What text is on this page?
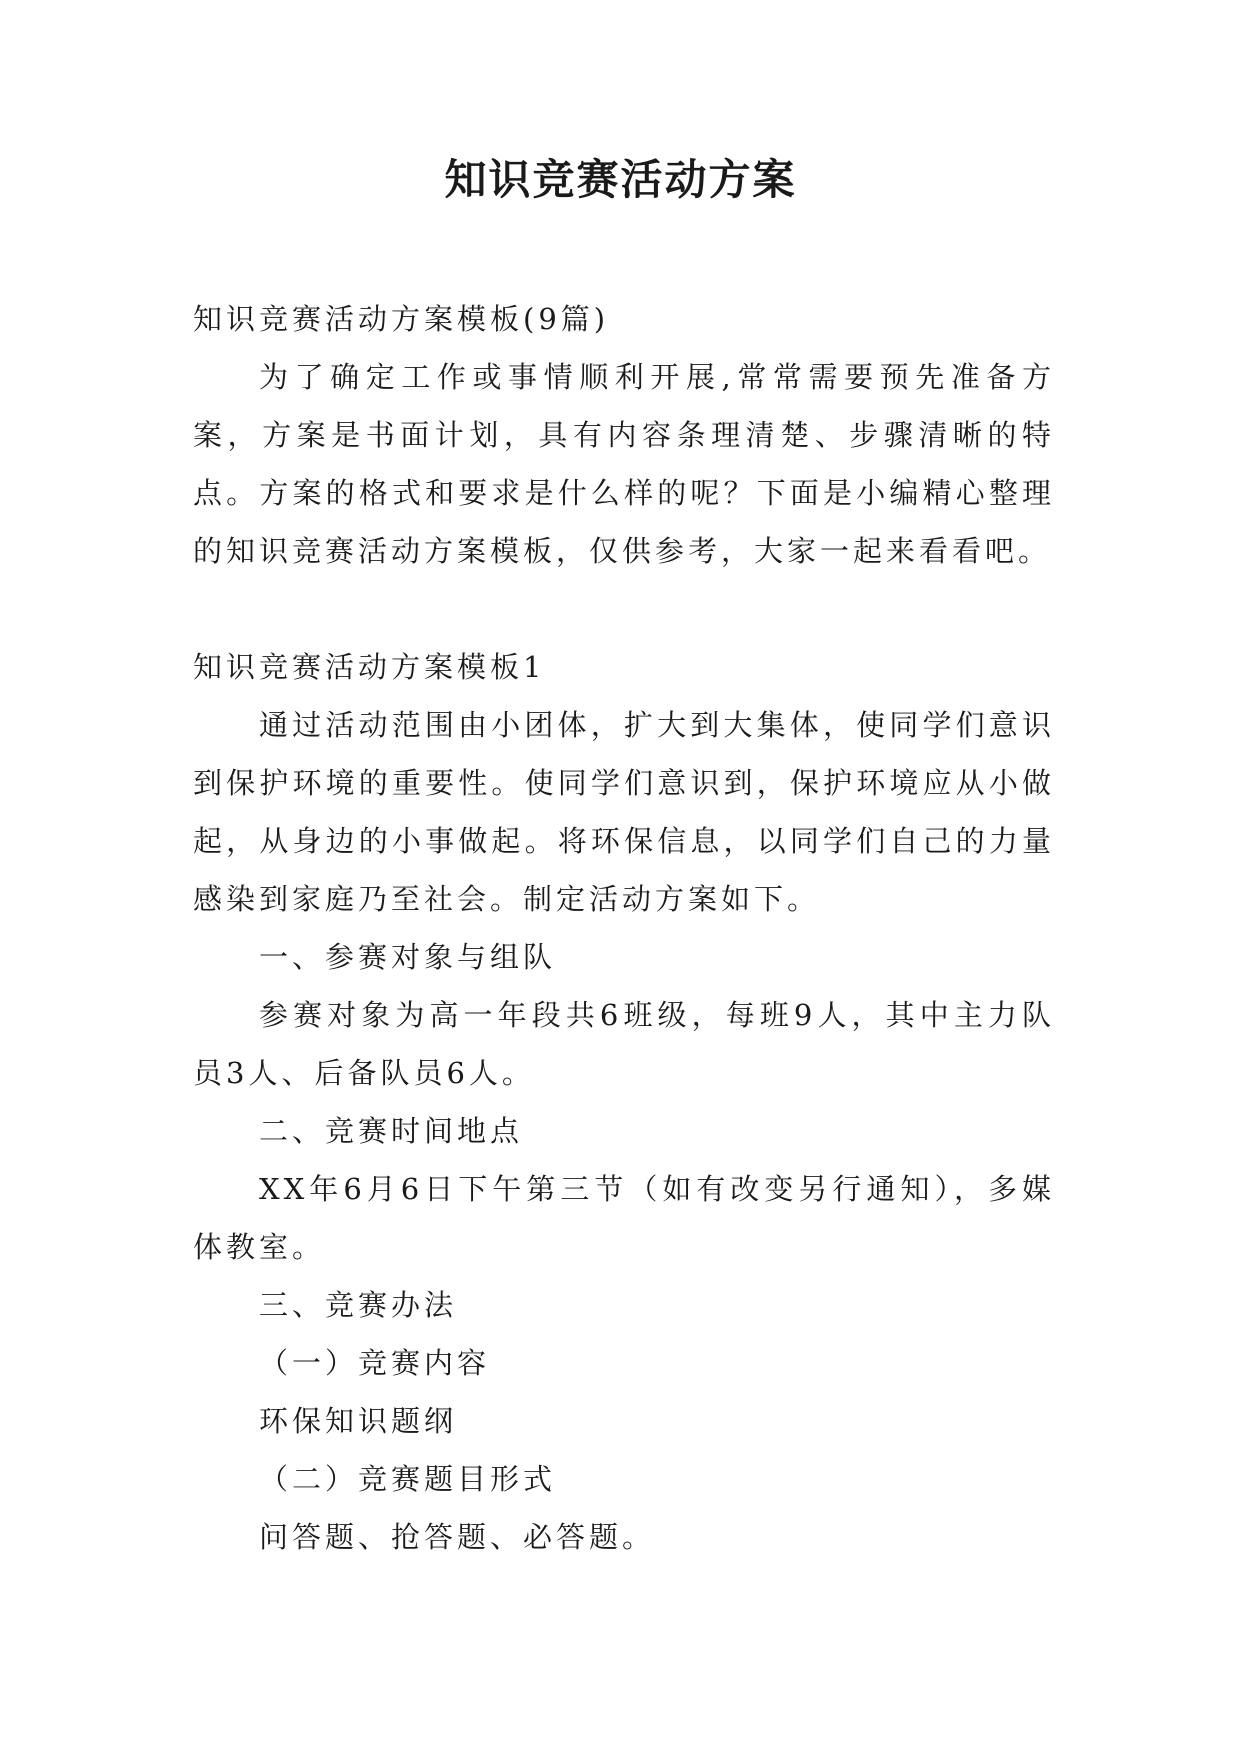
知识竞赛活动方案

知识竞赛活动方案模板(9篇)

为了确定工作或事情顺利开展,常常需要预先准备方案，方案是书面计划，具有内容条理清楚、步骤清晰的特点。方案的格式和要求是什么样的呢？下面是小编精心整理的知识竞赛活动方案模板，仅供参考，大家一起来看看吧。

知识竞赛活动方案模板1

通过活动范围由小团体，扩大到大集体，使同学们意识到保护环境的重要性。使同学们意识到，保护环境应从小做起，从身边的小事做起。将环保信息，以同学们自己的力量感染到家庭乃至社会。制定活动方案如下。

一、参赛对象与组队

参赛对象为高一年段共6班级，每班9人，其中主力队员3人、后备队员6人。

二、竞赛时间地点

XX年6月6日下午第三节（如有改变另行通知），多媒体教室。

三、竞赛办法

（一）竞赛内容

环保知识题纲

（二）竞赛题目形式

问答题、抢答题、必答题。
